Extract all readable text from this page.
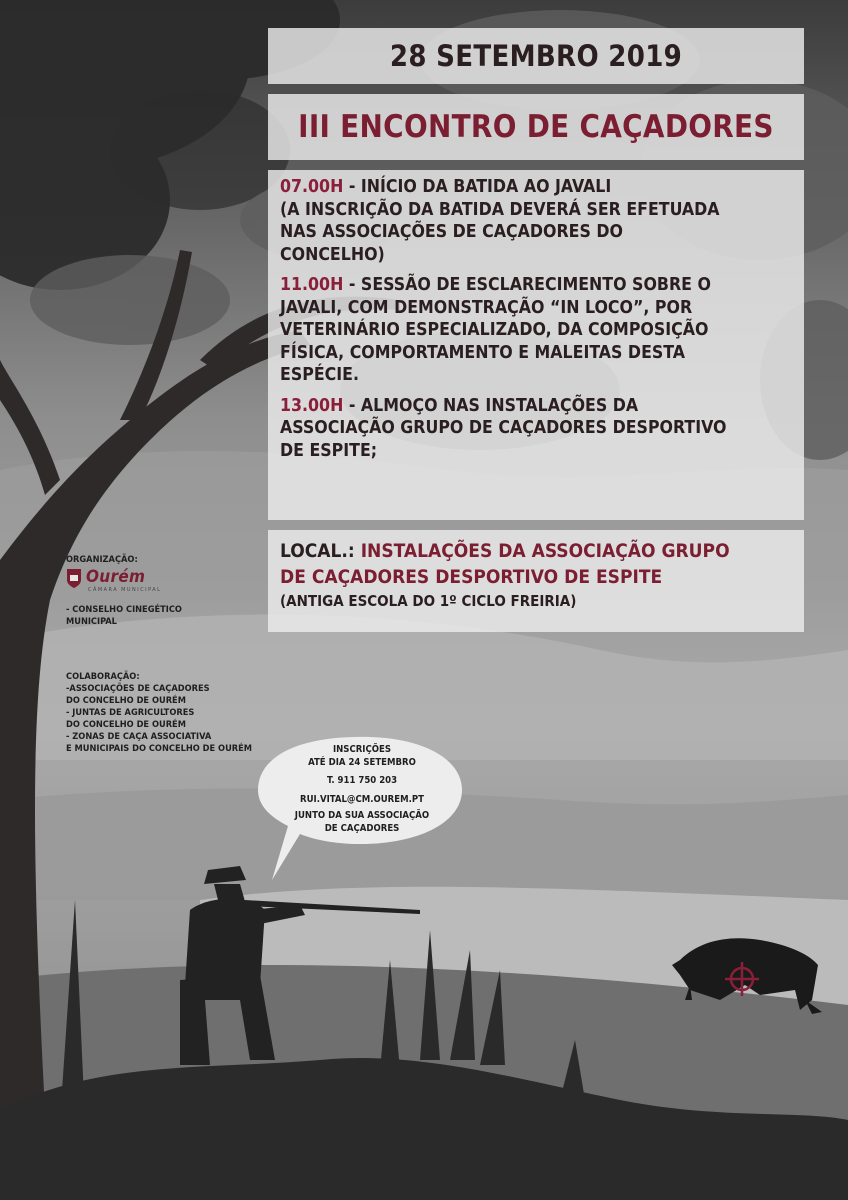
28 SETEMBRO 2019
III ENCONTRO DE CAÇADORES
07.00H - INÍCIO DA BATIDA AO JAVALI
(A INSCRIÇÃO DA BATIDA DEVERÁ SER EFETUADA
NAS ASSOCIAÇÕES DE CAÇADORES DO
CONCELHO)
11.00H - SESSÃO DE ESCLARECIMENTO SOBRE O
JAVALI, COM DEMONSTRAÇÃO “IN LOCO”, POR
VETERINÁRIO ESPECIALIZADO, DA COMPOSIÇÃO
FÍSICA, COMPORTAMENTO E MALEITAS DESTA
ESPÉCIE.
13.00H - ALMOÇO NAS INSTALAÇÕES DA
ASSOCIAÇÃO GRUPO DE CAÇADORES DESPORTIVO
DE ESPITE;
LOCAL.: INSTALAÇÕES DA ASSOCIAÇÃO GRUPO
DE CAÇADORES DESPORTIVO DE ESPITE
(ANTIGA ESCOLA DO 1º CICLO FREIRIA)
ORGANIZAÇÃO:
Ourém
CÂMARA MUNICIPAL
- CONSELHO CINEGÉTICO
MUNICIPAL
COLABORAÇÃO:
-ASSOCIAÇÕES DE CAÇADORES
DO CONCELHO DE OURÉM
- JUNTAS DE AGRICULTORES
DO CONCELHO DE OURÉM
- ZONAS DE CAÇA ASSOCIATIVA
E MUNICIPAIS DO CONCELHO DE OURÉM	INSCRIÇÕES
ATÉ DIA 24 SETEMBRO
T. 911 750 203
RUI.VITAL@CM.OUREM.PT
JUNTO DA SUA ASSOCIAÇÃO
DE CAÇADORES
